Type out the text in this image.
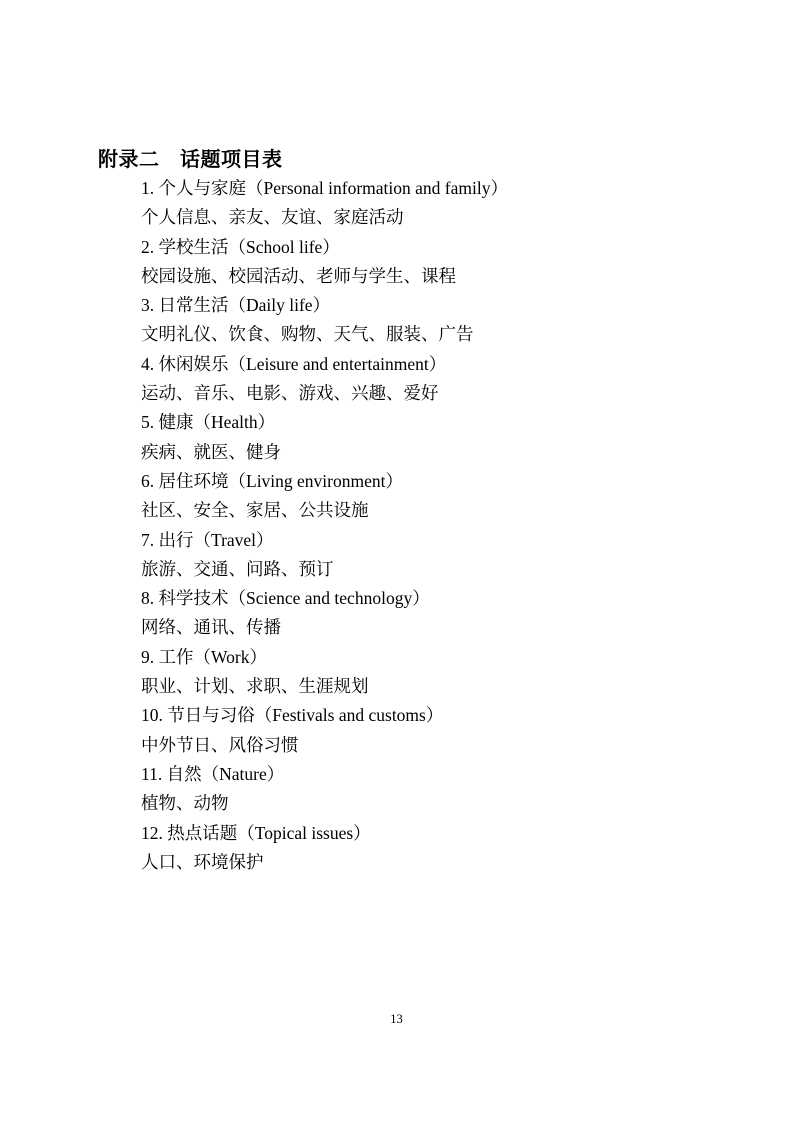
附录二　话题项目表

1. 个人与家庭（Personal information and family）

个人信息、亲友、友谊、家庭活动

2. 学校生活（School life）

校园设施、校园活动、老师与学生、课程

3. 日常生活（Daily life）

文明礼仪、饮食、购物、天气、服装、广告

4. 休闲娱乐（Leisure and entertainment）

运动、音乐、电影、游戏、兴趣、爱好

5. 健康（Health）

疾病、就医、健身

6. 居住环境（Living environment）

社区、安全、家居、公共设施

7. 出行（Travel）

旅游、交通、问路、预订

8. 科学技术（Science and technology）

网络、通讯、传播

9. 工作（Work）

职业、计划、求职、生涯规划

10. 节日与习俗（Festivals and customs）

中外节日、风俗习惯

11. 自然（Nature）

植物、动物

12. 热点话题（Topical issues）

人口、环境保护

13
